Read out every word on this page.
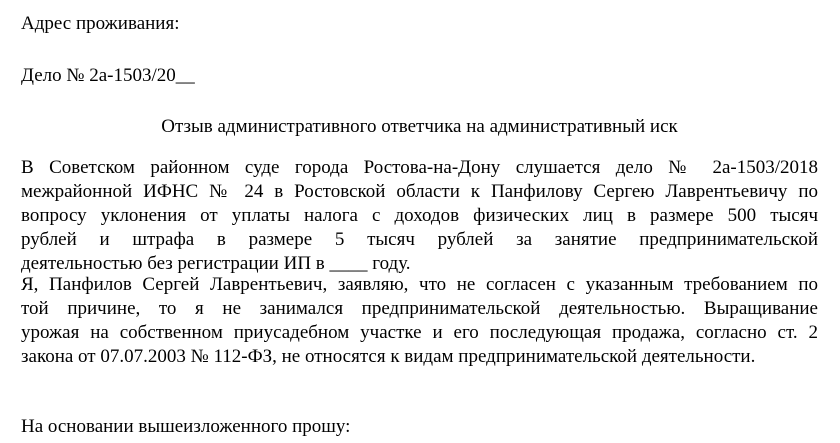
Адрес проживания:
Дело № 2а-1503/20__
Отзыв административного ответчика на административный иск

В Советском районном суде города Ростова-на-Дону слушается дело № 2а-1503/2018
межрайонной ИФНС № 24 в Ростовской области к Панфилову Сергею Лаврентьевичу по
вопросу уклонения от уплаты налога с доходов физических лиц в размере 500 тысяч
рублей и штрафа в размере 5 тысяч рублей за занятие предпринимательской
деятельностью без регистрации ИП в ____ году.

Я, Панфилов Сергей Лаврентьевич, заявляю, что не согласен с указанным требованием по
той причине, то я не занимался предпринимательской деятельностью. Выращивание
урожая на собственном приусадебном участке и его последующая продажа, согласно ст. 2
закона от 07.07.2003 № 112-ФЗ, не относятся к видам предпринимательской деятельности.

На основании вышеизложенного прошу:
